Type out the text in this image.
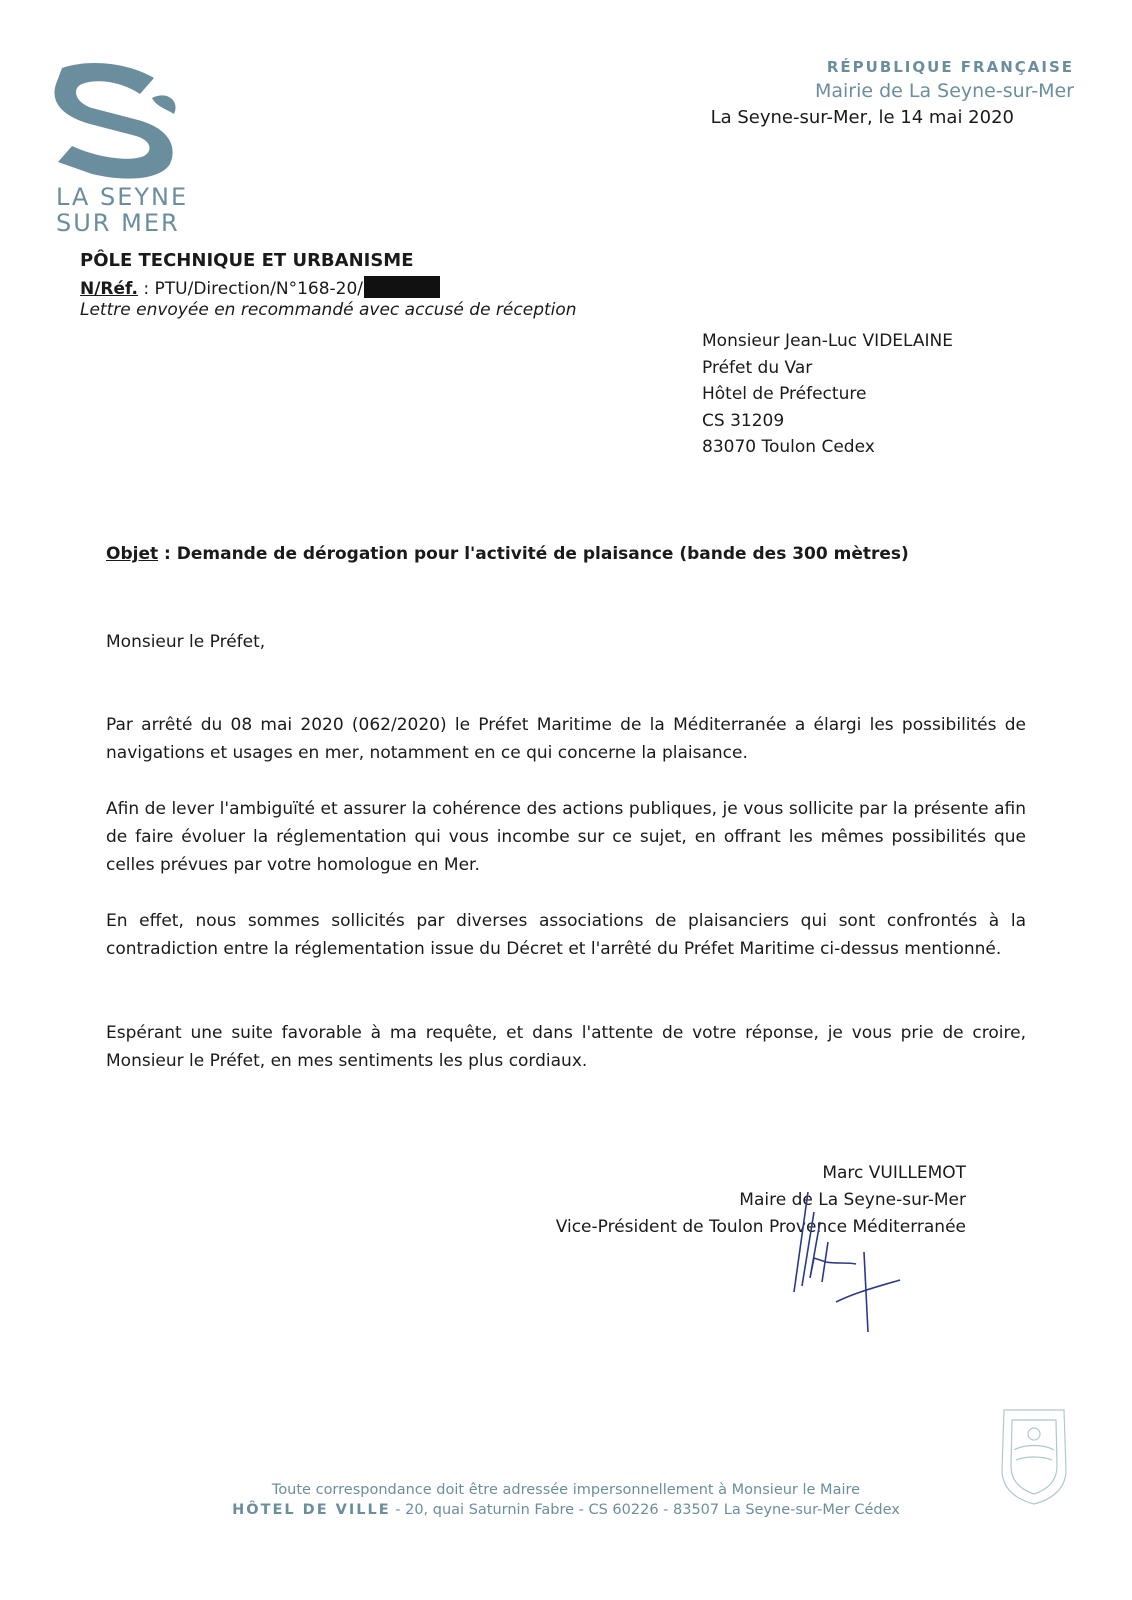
LA SEYNE
SUR MER
RÉPUBLIQUE FRANÇAISE
Mairie de La Seyne-sur-Mer
La Seyne-sur-Mer, le 14 mai 2020
PÔLE TECHNIQUE ET URBANISME
N/Réf. : PTU/Direction/N°168-20/
Lettre envoyée en recommandé avec accusé de réception
Monsieur Jean-Luc VIDELAINE
Préfet du Var
Hôtel de Préfecture
CS 31209
83070 Toulon Cedex
Objet : Demande de dérogation pour l'activité de plaisance (bande des 300 mètres)
Monsieur le Préfet,

Par arrêté du 08 mai 2020 (062/2020) le Préfet Maritime de la Méditerranée a élargi les possibilités de navigations et usages en mer, notamment en ce qui concerne la plaisance.

Afin de lever l'ambiguïté et assurer la cohérence des actions publiques, je vous sollicite par la présente afin de faire évoluer la réglementation qui vous incombe sur ce sujet, en offrant les mêmes possibilités que celles prévues par votre homologue en Mer.

En effet, nous sommes sollicités par diverses associations de plaisanciers qui sont confrontés à la contradiction entre la réglementation issue du Décret et l'arrêté du Préfet Maritime ci-dessus mentionné.

Espérant une suite favorable à ma requête, et dans l'attente de votre réponse, je vous prie de croire, Monsieur le Préfet, en mes sentiments les plus cordiaux.

Marc VUILLEMOT
Maire de La Seyne-sur-Mer
Vice-Président de Toulon Provence Méditerranée
Toute correspondance doit être adressée impersonnellement à Monsieur le Maire
HÔTEL DE VILLE - 20, quai Saturnin Fabre - CS 60226 - 83507 La Seyne-sur-Mer Cédex
